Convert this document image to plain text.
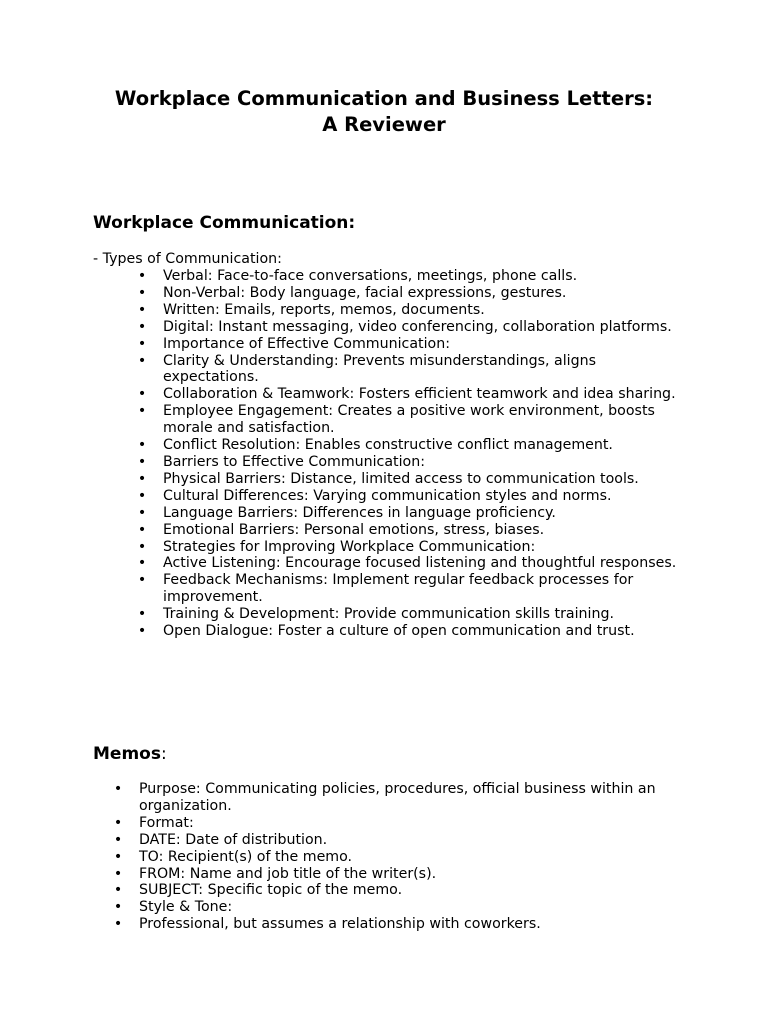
Workplace Communication and Business Letters:
A Reviewer
Workplace Communication:

- Types of Communication:

• Verbal: Face-to-face conversations, meetings, phone calls.
• Non-Verbal: Body language, facial expressions, gestures.
• Written: Emails, reports, memos, documents.
• Digital: Instant messaging, video conferencing, collaboration platforms.
• Importance of Effective Communication:
• Clarity & Understanding: Prevents misunderstandings, aligns expectations.
• Collaboration & Teamwork: Fosters efficient teamwork and idea sharing.
• Employee Engagement: Creates a positive work environment, boosts morale and satisfaction.
• Conflict Resolution: Enables constructive conflict management.
• Barriers to Effective Communication:
• Physical Barriers: Distance, limited access to communication tools.
• Cultural Differences: Varying communication styles and norms.
• Language Barriers: Differences in language proficiency.
• Emotional Barriers: Personal emotions, stress, biases.
• Strategies for Improving Workplace Communication:
• Active Listening: Encourage focused listening and thoughtful responses.
• Feedback Mechanisms: Implement regular feedback processes for improvement.
• Training & Development: Provide communication skills training.
• Open Dialogue: Foster a culture of open communication and trust.
Memos:
• Purpose: Communicating policies, procedures, official business within an organization.
• Format:
• DATE: Date of distribution.
• TO: Recipient(s) of the memo.
• FROM: Name and job title of the writer(s).
• SUBJECT: Specific topic of the memo.
• Style & Tone:
• Professional, but assumes a relationship with coworkers.
